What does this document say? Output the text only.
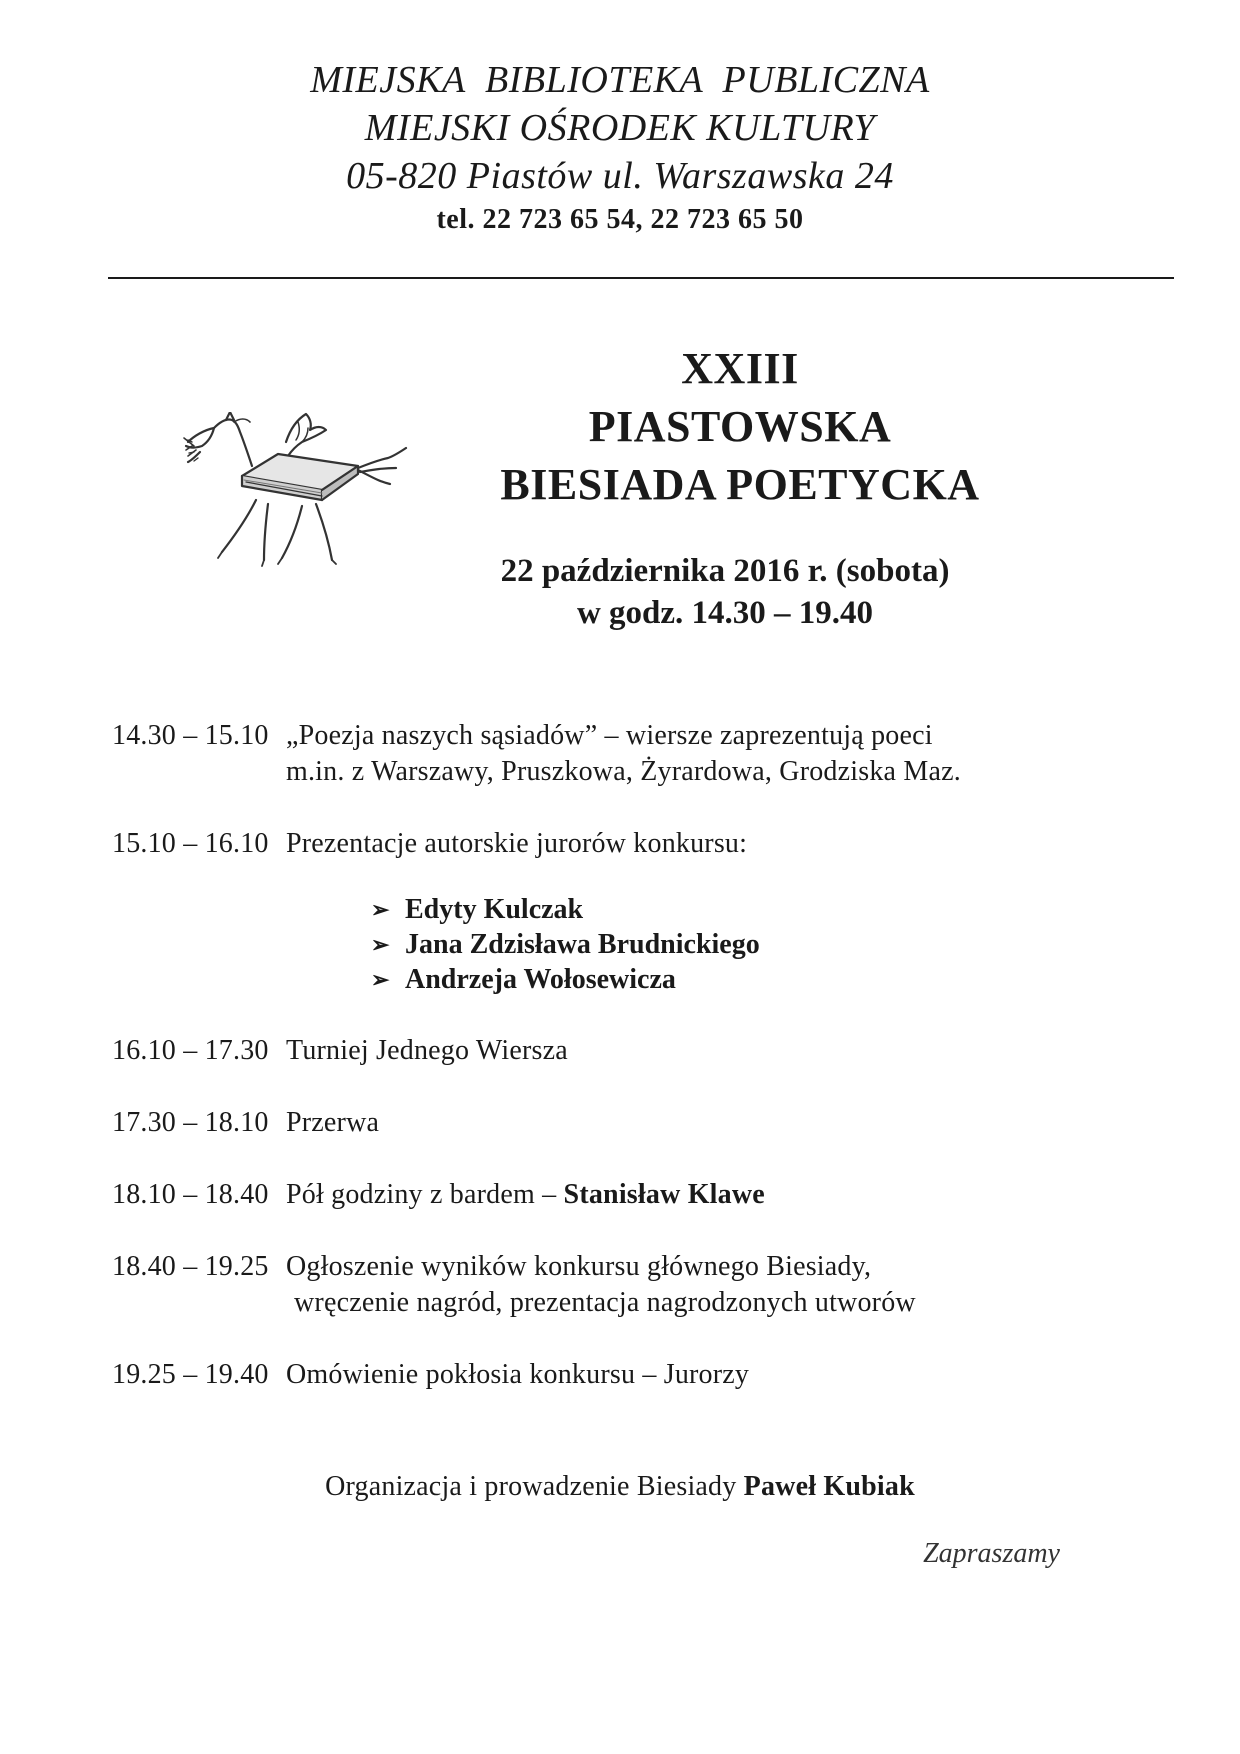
MIEJSKA  BIBLIOTEKA  PUBLICZNA
MIEJSKI OŚRODEK KULTURY
05-820 Piastów ul. Warszawska 24
tel. 22 723 65 54, 22 723 65 50
XXIII
PIASTOWSKA
BIESIADA POETYCKA
22 października 2016 r. (sobota)
w godz. 14.30 – 19.40
14.30 – 15.10 „Poezja naszych sąsiadów” – wiersze zaprezentują poeci
m.in. z Warszawy, Pruszkowa, Żyrardowa, Grodziska Maz.
15.10 – 16.10 Prezentacje autorskie jurorów konkursu:
➢ Edyty Kulczak
➢ Jana Zdzisława Brudnickiego
➢ Andrzeja Wołosewicza
16.10 – 17.30 Turniej Jednego Wiersza
17.30 – 18.10 Przerwa
18.10 – 18.40 Pół godziny z bardem – Stanisław Klawe
18.40 – 19.25 Ogłoszenie wyników konkursu głównego Biesiady,
wręczenie nagród, prezentacja nagrodzonych utworów
19.25 – 19.40 Omówienie pokłosia konkursu – Jurorzy
Organizacja i prowadzenie Biesiady Paweł Kubiak
Zapraszamy
